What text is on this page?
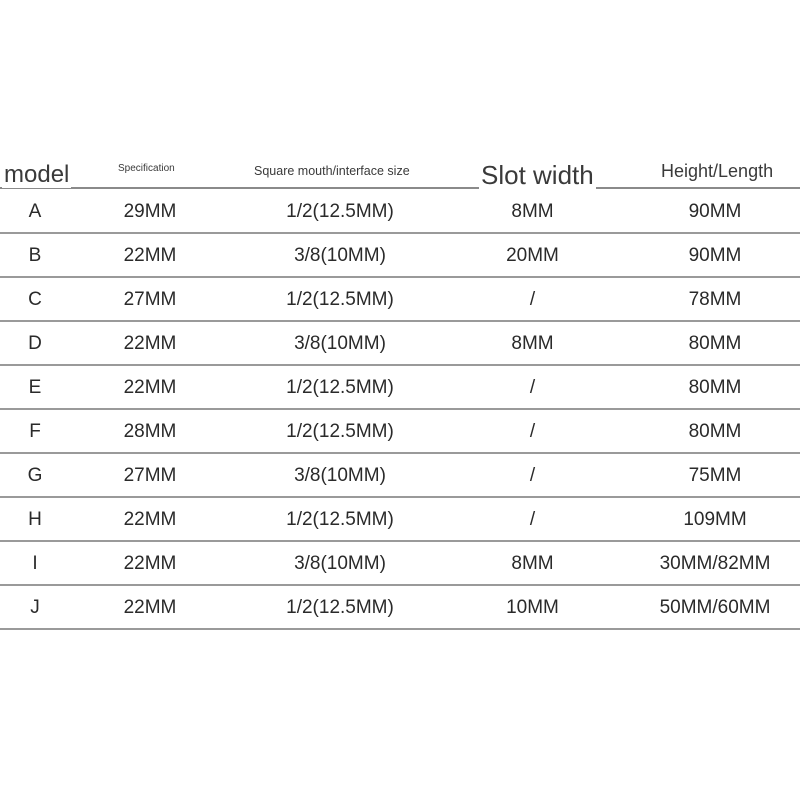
model	Specification	Square mouth/interface size	Slot width	Height/Length
A	29MM	1/2(12.5MM)	8MM	90MM
B	22MM	3/8(10MM)	20MM	90MM
C	27MM	1/2(12.5MM)	/	78MM
D	22MM	3/8(10MM)	8MM	80MM
E	22MM	1/2(12.5MM)	/	80MM
F	28MM	1/2(12.5MM)	/	80MM
G	27MM	3/8(10MM)	/	75MM
H	22MM	1/2(12.5MM)	/	109MM
I	22MM	3/8(10MM)	8MM	30MM/82MM
J	22MM	1/2(12.5MM)	10MM	50MM/60MM
